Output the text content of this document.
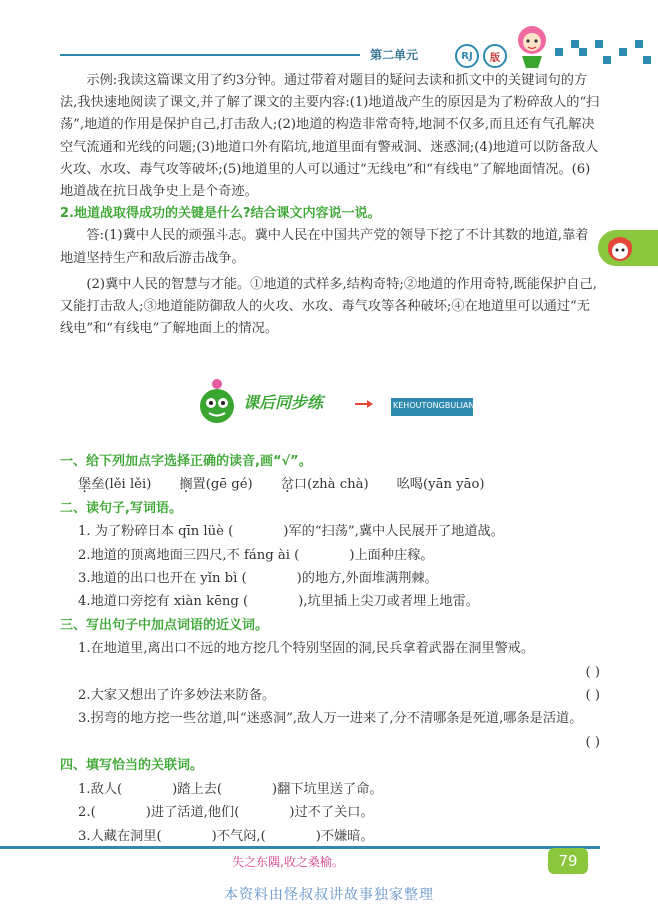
第二单元	RJ	版

示例:我读这篇课文用了约3分钟。通过带着对题目的疑问去读和抓文中的关键词句的方法,我快速地阅读了课文,并了解了课文的主要内容:(1)地道战产生的原因是为了粉碎敌人的“扫荡”,地道的作用是保护自己,打击敌人;(2)地道的构造非常奇特,地洞不仅多,而且还有气孔解决空气流通和光线的问题;(3)地道口外有陷坑,地道里面有警戒洞、迷惑洞;(4)地道可以防备敌人火攻、水攻、毒气攻等破坏;(5)地道里的人可以通过“无线电”和“有线电”了解地面情况。(6)地道战在抗日战争史上是个奇迹。

2.地道战取得成功的关键是什么?结合课文内容说一说。

答:(1)冀中人民的顽强斗志。冀中人民在中国共产党的领导下挖了不计其数的地道,靠着地道坚持生产和敌后游击战争。

(2)冀中人民的智慧与才能。①地道的式样多,结构奇特;②地道的作用奇特,既能保护自己,又能打击敌人;③地道能防御敌人的火攻、水攻、毒气攻等各种破坏;④在地道里可以通过“无线电”和“有线电”了解地面上的情况。

课后同步练	KEHOUTONGBULIAN

一、给下列加点字选择正确的读音,画“√”。

堡垒(lěi lěi) 搁置(gē gé) 岔口(zhà chà) 吆喝(yān yāo)

二、读句子,写词语。

1. 为了粉碎日本 qīn lüè (	)军的“扫荡”,冀中人民展开了地道战。
2.地道的顶离地面三四尺,不 fáng ài (	)上面种庄稼。
3.地道的出口也开在 yǐn bì (	)的地方,外面堆满荆棘。
4.地道口旁挖有 xiàn kēng (	),坑里插上尖刀或者埋上地雷。

三、写出句子中加点词语的近义词。

1.在地道里,离出口不远的地方挖几个特别坚固的洞,民兵拿着武器在洞里警戒。
( )
2.大家又想出了许多妙法来防备。	( )
3.拐弯的地方挖一些岔道,叫“迷惑洞”,敌人万一进来了,分不清哪条是死道,哪条是活道。
( )

四、填写恰当的关联词。

1.敌人(	)踏上去(	)翻下坑里送了命。
2.(	)进了活道,他们(	)过不了关口。
3.人藏在洞里(	)不气闷,(	)不嫌暗。
失之东隅,收之桑榆。	79
本资料由怪叔叔讲故事独家整理
